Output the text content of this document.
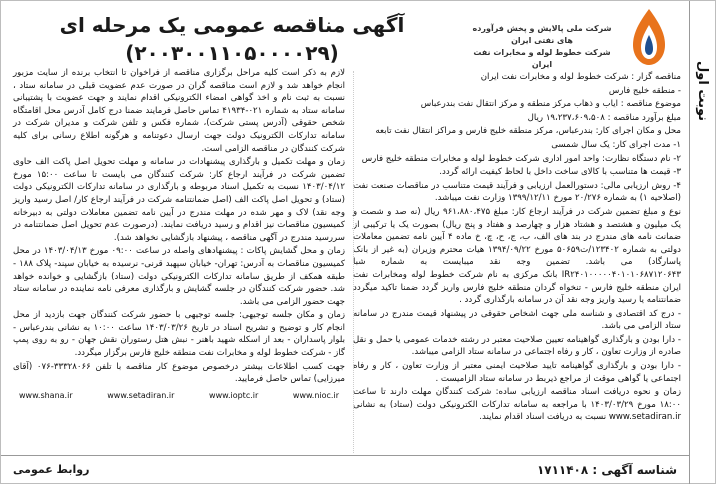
نوبت اول
شرکت ملی پالایش و پخش فرآورده های نفتی ایران
شرکت خطوط لوله و مخابرات نفت ایران
آگهی مناقصه عمومی یک مرحله ای (۲۰۰۳۰۰۱۱۰۵۰۰۰۰۲۹)

مناقصه گزار : شرکت خطوط لوله و مخابرات نفت ایران

- منطقه خلیج فارس

موضوع مناقصه : ایاب و ذهاب مرکز منطقه و مرکز انتقال نفت بندرعباس

مبلغ برآورد مناقصه : ۱۹،۲۳۷،۶۰۹،۵۰۸ ریال

محل و مکان اجرای کار: بندرعباس، مرکز منطقه خلیج فارس و مراکز انتقال نفت تابعه

۱- مدت اجرای کار: یک سال شمسی

۲- نام دستگاه نظارت: واحد امور اداری شرکت خطوط لوله و مخابرات منطقه خلیج فارس

۳- قیمت ها متناسب با کالای ساخت داخل با لحاظ کیفیت ارائه گردد.

۴- روش ارزیابی مالی: دستورالعمل ارزیابی و فرآیند قیمت متناسب در مناقصات صنعت نفت (اصلاحیه ۱) به شماره ۲۰/۲۷۶ مورخ ۱۳۹۹/۱۲/۱۱ وزارت نفت میباشد.

نوع و مبلغ تضمین شرکت در فرآیند ارجاع کار: مبلغ ۹۶۱،۸۸۰،۴۷۵ ریال (نه صد و شصت و یک میلیون و هشتصد و هشتاد هزار و چهارصد و هفتاد و پنج ریال) بصورت یک یا ترکیبی از ضمانت نامه های مندرج در بند های الف، ب، ج، ح، چ، خ ماده ۴ آیین نامه تضمین معاملات دولتی به شماره ۱۲۳۴۰۲/ت۵۰۶۵۹ مورخ ۱۳۹۴/۰۹/۲۲ هیات محترم وزیران (به غیر از بانک پاسارگاد) می باشد. تضمین وجه نقد میبایست به شماره شبا IR۲۴۰۱۰۰۰۰۰۴۰۱۰۱۰۶۸۷۱۲۰۶۴۳ بانک مرکزی به نام شرکت خطوط لوله ومخابرات نفت ایران منطقه خلیج فارس - تنخواه گردان منطقه خلیج فارس واریز گردد ضمنا تاکید میگردد ضمانتنامه یا رسید واریز وجه نقد آن در سامانه بارگذاری گردد .

- درج کد اقتصادی و شناسه ملی جهت اشخاص حقوقی در پیشنهاد قیمت مندرج در سامانه ستاد الزامی می باشد.

- دارا بودن و بارگذاری گواهینامه تعیین صلاحیت معتبر در رشته خدمات عمومی یا حمل و نقل صادره از وزارت تعاون ، کار و رفاه اجتماعی در سامانه ستاد الزامی میباشد.

- دارا بودن و بارگذاری گواهینامه تایید صلاحیت ایمنی معتبر از وزارت تعاون ، کار و رفاه اجتماعی یا گواهی موقت از مراجع ذیربط در سامانه ستاد الزامیست .

زمان و نحوه دریافت اسناد مناقصه ارزیابی ساده: شرکت کنندگان مهلت دارند تا ساعت ۱۸:۰۰ مورخ ۱۴۰۳/۰۳/۲۹ با مراجعه به سامانه تدارکات الکترونیکی دولت (ستاد) به نشانی www.setadiran.ir نسبت به دریافت اسناد اقدام نمایند.

لازم به ذکر است کلیه مراحل برگزاری مناقصه از فراخوان تا انتخاب برنده از سایت مزبور انجام خواهد شد و لازم است مناقصه گران در صورت عدم عضویت قبلی در سامانه ستاد ، نسبت به ثبت نام و اخذ گواهی امضاء الکترونیکی اقدام نمایند و جهت عضویت با پشتیبانی سامانه ستاد به شماره ۰۲۱-۴۱۹۳۴ تماس حاصل فرمایند ضمنا درج کامل آدرس محل اقامتگاه شخص حقوقی (آدرس پستی شرکت)، شماره فکس و تلفن شرکت و مدیران شرکت در سامانه تدارکات الکترونیک دولت جهت ارسال دعوتنامه و هرگونه اطلاع رسانی برای کلیه شرکت کنندگان در مناقصه الزامی است.

زمان و مهلت تکمیل و بارگذاری پیشنهادات در سامانه و مهلت تحویل اصل پاکت الف حاوی تضمین شرکت در فرآیند ارجاع کار: شرکت کنندگان می بایست تا ساعت ۱۵:۰۰ مورخ ۱۴۰۳/۰۴/۱۲ نسبت به تکمیل اسناد مربوطه و بارگذاری در سامانه تدارکات الکترونیکی دولت (ستاد) و تحویل اصل پاکت الف (اصل ضمانتنامه شرکت در فرآیند ارجاع کار/ اصل رسید واریز وجه نقد) لاک و مهر شده در مهلت مندرج در آیین نامه تضمین معاملات دولتی به دبیرخانه کمیسیون مناقصات نیز اقدام و رسید دریافت نمایند. (درصورت عدم تحویل اصل ضمانتنامه در سررسید مندرج در آگهی مناقصه ، پیشنهاد بازگشایی نخواهد شد).

زمان و محل گشایش پاکات : پیشنهادهای واصله در ساعت ۰۹:۰۰ مورخ ۱۴۰۳/۰۴/۱۳ در محل کمیسیون مناقصات به آدرس: تهران- خیابان سپهبد قرنی- نرسیده به خیابان سپند- پلاک ۱۸۸ - طبقه همکف از طریق سامانه تدارکات الکترونیکی دولت (ستاد) بازگشایی و خوانده خواهد شد. حضور شرکت کنندگان در جلسه گشایش و بارگذاری معرفی نامه نماینده در سامانه ستاد جهت حضور الزامی می باشد.

زمان و مکان جلسه توجیهی: جلسه توجیهی با حضور شرکت کنندگان جهت بازدید از محل انجام کار و توضیح و تشریح اسناد در تاریخ ۱۴۰۳/۰۳/۲۶ ساعت ۱۰:۰۰ به نشانی بندرعباس - بلوار پاسداران - بعد از اسکله شهید باهنر - نبش هتل رستوران نقش جهان - رو به روی پمپ گاز - شرکت خطوط لوله و مخابرات نفت منطقه خلیج فارس برگزار میگردد.

جهت کسب اطلاعات بیشتر درخصوص موضوع کار مناقصه با تلفن ۳۳۳۲۸۰۶۶-۰۷۶ (آقای میرزایی) تماس حاصل فرمایید.

www.shana.ir	www.setadiran.ir	www.ioptc.ir	www.nioc.ir
شناسه آگهی : ۱۷۱۱۴۰۸
روابط عمومی
